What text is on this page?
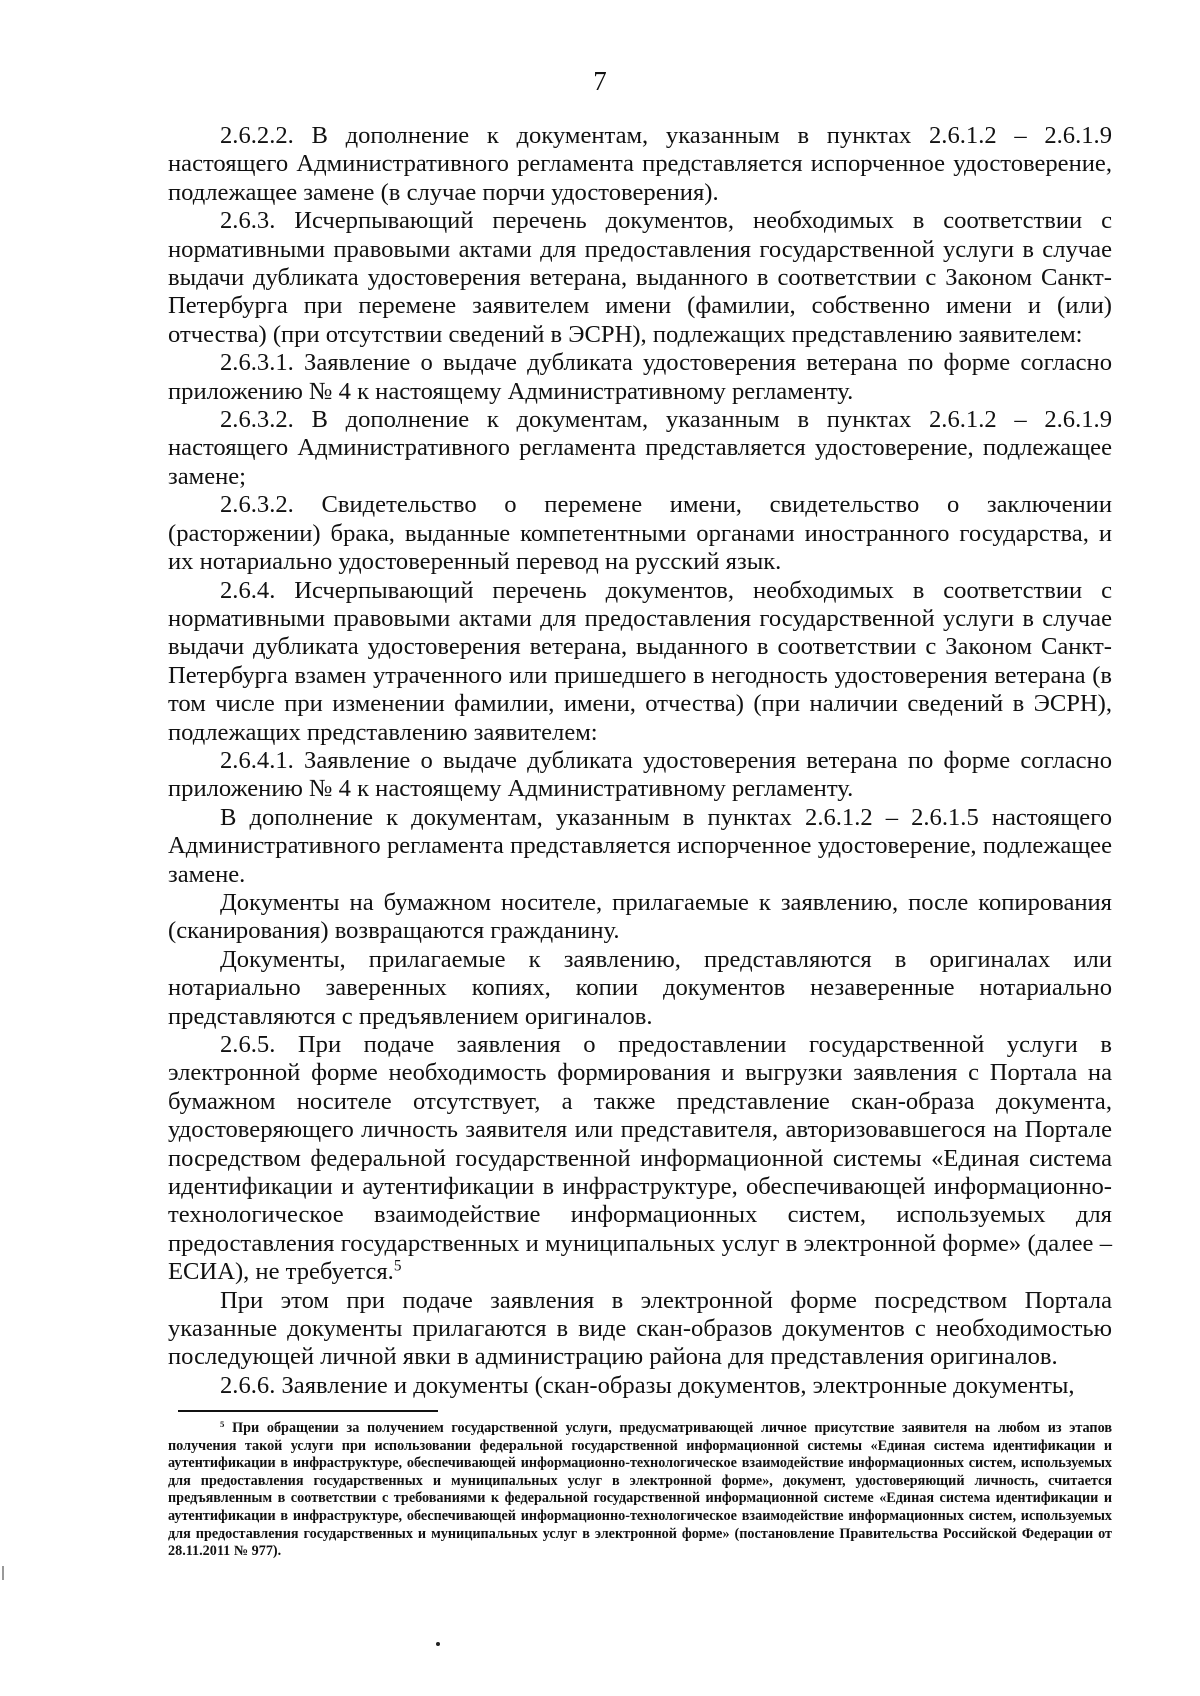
7

2.6.2.2. В дополнение к документам, указанным в пунктах 2.6.1.2 – 2.6.1.9 настоящего Административного регламента представляется испорченное удостоверение, подлежащее замене (в случае порчи удостоверения).

2.6.3. Исчерпывающий перечень документов, необходимых в соответствии с нормативными правовыми актами для предоставления государственной услуги в случае выдачи дубликата удостоверения ветерана, выданного в соответствии с Законом Санкт-Петербурга при перемене заявителем имени (фамилии, собственно имени и (или) отчества) (при отсутствии сведений в ЭСРН), подлежащих представлению заявителем:

2.6.3.1. Заявление о выдаче дубликата удостоверения ветерана по форме согласно приложению № 4 к настоящему Административному регламенту.

2.6.3.2. В дополнение к документам, указанным в пунктах 2.6.1.2 – 2.6.1.9 настоящего Административного регламента представляется удостоверение, подлежащее замене;

2.6.3.2. Свидетельство о перемене имени, свидетельство о заключении (расторжении) брака, выданные компетентными органами иностранного государства, и их нотариально удостоверенный перевод на русский язык.

2.6.4. Исчерпывающий перечень документов, необходимых в соответствии с нормативными правовыми актами для предоставления государственной услуги в случае выдачи дубликата удостоверения ветерана, выданного в соответствии с Законом Санкт-Петербурга взамен утраченного или пришедшего в негодность удостоверения ветерана (в том числе при изменении фамилии, имени, отчества) (при наличии сведений в ЭСРН), подлежащих представлению заявителем:

2.6.4.1. Заявление о выдаче дубликата удостоверения ветерана по форме согласно приложению № 4 к настоящему Административному регламенту.

В дополнение к документам, указанным в пунктах 2.6.1.2 – 2.6.1.5 настоящего Административного регламента представляется испорченное удостоверение, подлежащее замене.

Документы на бумажном носителе, прилагаемые к заявлению, после копирования (сканирования) возвращаются гражданину.

Документы, прилагаемые к заявлению, представляются в оригиналах или нотариально заверенных копиях, копии документов незаверенные нотариально представляются с предъявлением оригиналов.

2.6.5. При подаче заявления о предоставлении государственной услуги в электронной форме необходимость формирования и выгрузки заявления с Портала на бумажном носителе отсутствует, а также представление скан-образа документа, удостоверяющего личность заявителя или представителя, авторизовавшегося на Портале посредством федеральной государственной информационной системы «Единая система идентификации и аутентификации в инфраструктуре, обеспечивающей информационно-технологическое взаимодействие информационных систем, используемых для предоставления государственных и муниципальных услуг в электронной форме» (далее – ЕСИА), не требуется.$^5$

При этом при подаче заявления в электронной форме посредством Портала указанные документы прилагаются в виде скан-образов документов с необходимостью последующей личной явки в администрацию района для представления оригиналов.

2.6.6. Заявление и документы (скан-образы документов, электронные документы,

$^5$ При обращении за получением государственной услуги, предусматривающей личное присутствие заявителя на любом из этапов получения такой услуги при использовании федеральной государственной информационной системы «Единая система идентификации и аутентификации в инфраструктуре, обеспечивающей информационно-технологическое взаимодействие информационных систем, используемых для предоставления государственных и муниципальных услуг в электронной форме», документ, удостоверяющий личность, считается предъявленным в соответствии с требованиями к федеральной государственной информационной системе «Единая система идентификации и аутентификации в инфраструктуре, обеспечивающей информационно-технологическое взаимодействие информационных систем, используемых для предоставления государственных и муниципальных услуг в электронной форме» (постановление Правительства Российской Федерации от 28.11.2011 № 977).
